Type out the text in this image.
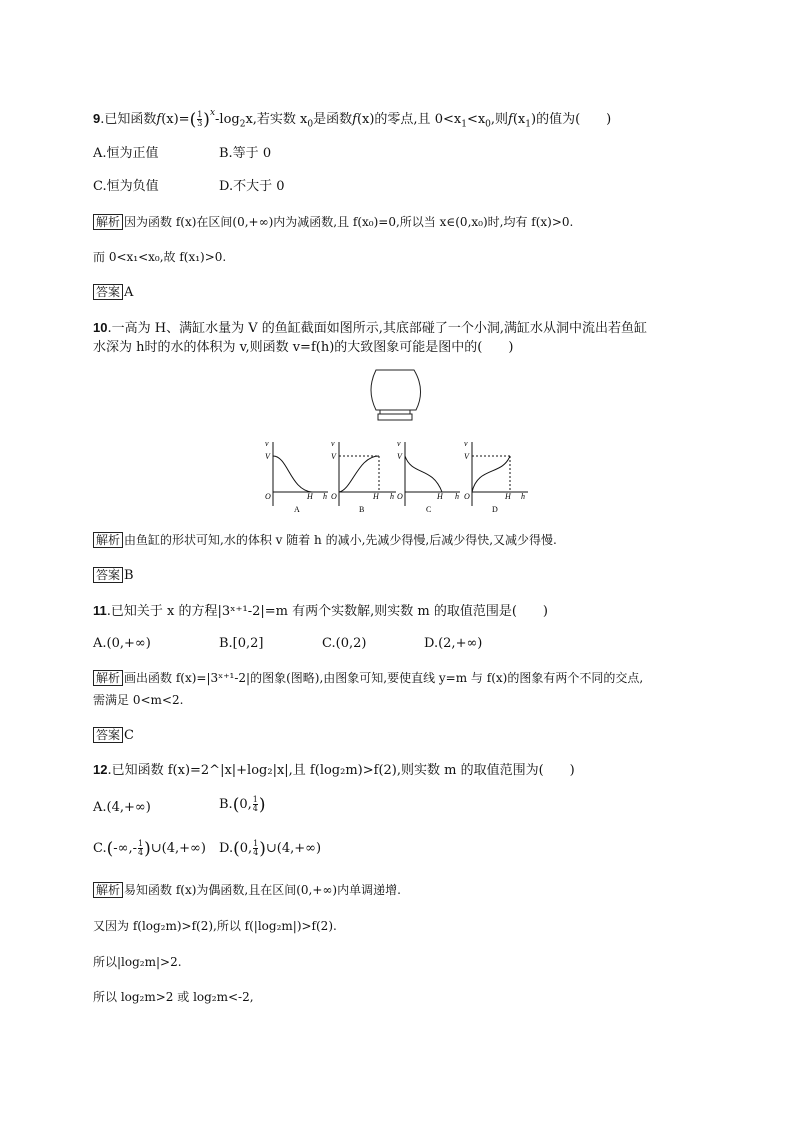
9.已知函数$f(x)=(\frac{1}{3} )^x-\log_2x$,若实数 $x_0$是函数f(x)的零点,且 $0<x_1<x_0$,则$f(x_1)$的值为(　　)
A.恒为正值	B.等于 0
C.恒为负值	D.不大于 0
解析 因为函数 f(x)在区间(0,+∞)内为减函数,且 f(x₀)=0,所以当 x∈(0,x₀)时,均有 f(x)>0.
而 0<x₁<x₀,故 f(x₁)>0.
答案 A
10.一高为 H、满缸水量为 V 的鱼缸截面如图所示,其底部碰了一个小洞,满缸水从洞中流出若鱼缸
水深为 h时的水的体积为 v,则函数 v=f(h)的大致图象可能是图中的(　　)
v
V
O	H h
A
v
V
O	H h
B
v
V
O	H h
C
v
V
O	H h
D
解析 由鱼缸的形状可知,水的体积 v 随着 h 的减小,先减少得慢,后减少得快,又减少得慢.
答案 B
11.已知关于 x 的方程|3ˣ⁺¹-2|=m 有两个实数解,则实数 m 的取值范围是(　　)
A.(0,+∞)	B.[0,2]	C.(0,2)	D.(2,+∞)
解析 画出函数 f(x)=|3ˣ⁺¹-2|的图象(图略),由图象可知,要使直线 y=m 与 f(x)的图象有两个不同的交点,
需满足 0<m<2.
答案 C
12.已知函数 f(x)=2^|x|+log₂|x|,且 f(log₂m)>f(2),则实数 m 的取值范围为(　　)
A.(4,+∞)	$B.(0,\frac{1}{4}$ )
$C.(-\infty,-\frac{1}{4}$ )∪(4,+∞) $D.(0,\frac{1}{4}$ )∪(4,+∞)
解析 易知函数 f(x)为偶函数,且在区间(0,+∞)内单调递增.
又因为 f(log₂m)>f(2),所以 f(|log₂m|)>f(2).
所以|log₂m|>2.
所以 log₂m>2 或 log₂m<-2,
